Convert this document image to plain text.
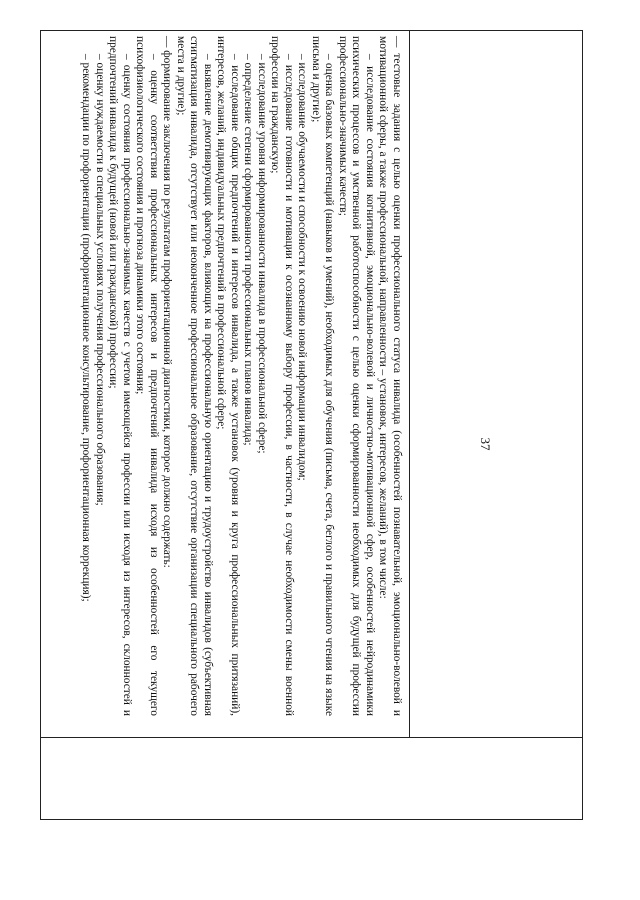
37

— тестовые задания с целью оценки профессионального статуса инвалида (особенностей познавательной, эмоционально-волевой и мотивационной сферы, а также профессиональной, направленности – установок, интересов, желаний), в том числе:

– исследование состояния когнитивной, эмоционально-волевой и личностно-мотивационной сфер, особенностей нейродинамики психических процессов и умственной работоспособности с целью оценки сформированности необходимых для будущей профессии профессионально-значимых качеств;

– оценка базовых компетенций (навыков и умений), необходимых для обучения (письма, счета, беглого и правильного чтения на языке письма и другие);

– исследование обучаемости и способности к освоению новой информации инвалидом;

– исследование готовности и мотивации к осознанному выбору профессии, в частности, в случае необходимости смены военной профессии на гражданскую;

– исследование уровня информированности инвалида в профессиональной сфере;

– определение степени сформированности профессиональных планов инвалида;

– исследование общих предпочтений и интересов инвалида, а также установок (уровня и круга профессиональных притязаний), интересов, желаний, индивидуальных предпочтений в профессиональной сфере;

– выявление демотивирующих факторов, влияющих на профессиональную ориентацию и трудоустройство инвалидов (субъективная стигматизация инвалида, отсутствует или неоконченное профессиональное образование, отсутствие организации специального рабочего места и другие);

— формирование заключения по результатам профориентационной диагностики, которое должно содержать:

– оценку соответствия профессиональных интересов и предпочтений инвалида исходя из особенностей его текущего психофизиологического состояния и прогноза динамики этого состояния;

– оценку состояния профессионально-значимых качеств с учетом имеющейся профессии или исходя из интересов, склонностей и предпочтений инвалида к будущей (новой или гражданской) профессии;

– оценку нуждаемости в специальных условиях получения профессионального образования;

– рекомендации по профориентации (профориентационное консультирование, профориентационная коррекция);
